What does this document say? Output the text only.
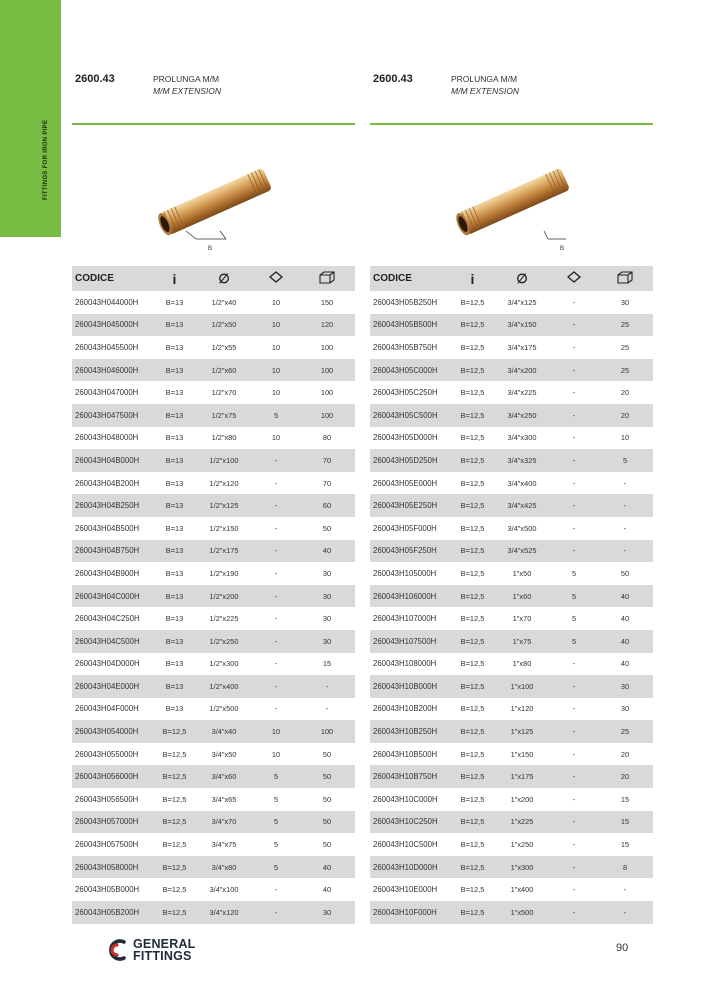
FITTINGS FOR IRON PIPE
2600.43	PROLUNGA M/M
M/M EXTENSION
B
CODICE	i	∅		
260043H044000H	B=13	1/2"x40	10	150
260043H045000H	B=13	1/2"x50	10	120
260043H045500H	B=13	1/2"x55	10	100
260043H046000H	B=13	1/2"x60	10	100
260043H047000H	B=13	1/2"x70	10	100
260043H047500H	B=13	1/2"x75	5	100
260043H048000H	B=13	1/2"x80	10	80
260043H04B000H	B=13	1/2"x100	-	70
260043H04B200H	B=13	1/2"x120	-	70
260043H04B250H	B=13	1/2"x125	-	60
260043H04B500H	B=13	1/2"x150	-	50
260043H04B750H	B=13	1/2"x175	-	40
260043H04B900H	B=13	1/2"x190	-	30
260043H04C000H	B=13	1/2"x200	-	30
260043H04C250H	B=13	1/2"x225	-	30
260043H04C500H	B=13	1/2"x250	-	30
260043H04D000H	B=13	1/2"x300	-	15
260043H04E000H	B=13	1/2"x400	-	-
260043H04F000H	B=13	1/2"x500	-	-
260043H054000H	B=12,5	3/4"x40	10	100
260043H055000H	B=12,5	3/4"x50	10	50
260043H056000H	B=12,5	3/4"x60	5	50
260043H056500H	B=12,5	3/4"x65	5	50
260043H057000H	B=12,5	3/4"x70	5	50
260043H057500H	B=12,5	3/4"x75	5	50
260043H058000H	B=12,5	3/4"x80	5	40
260043H05B000H	B=12,5	3/4"x100	-	40
260043H05B200H	B=12,5	3/4"x120	-	30
2600.43	PROLUNGA M/M
M/M EXTENSION
B
CODICE	i	∅		
260043H05B250H	B=12,5	3/4"x125	-	30
260043H05B500H	B=12,5	3/4"x150	-	25
260043H05B750H	B=12,5	3/4"x175	-	25
260043H05C000H	B=12,5	3/4"x200	-	25
260043H05C250H	B=12,5	3/4"x225	-	20
260043H05C500H	B=12,5	3/4"x250	-	20
260043H05D000H	B=12,5	3/4"x300	-	10
260043H05D250H	B=12,5	3/4"x325	-	5
260043H05E000H	B=12,5	3/4"x400	-	-
260043H05E250H	B=12,5	3/4"x425	-	-
260043H05F000H	B=12,5	3/4"x500	-	-
260043H05F250H	B=12,5	3/4"x525	-	-
260043H105000H	B=12,5	1"x50	5	50
260043H106000H	B=12,5	1"x60	5	40
260043H107000H	B=12,5	1"x70	5	40
260043H107500H	B=12,5	1"x75	5	40
260043H108000H	B=12,5	1"x80	-	40
260043H10B000H	B=12,5	1"x100	-	30
260043H10B200H	B=12,5	1"x120	-	30
260043H10B250H	B=12,5	1"x125	-	25
260043H10B500H	B=12,5	1"x150	-	20
260043H10B750H	B=12,5	1"x175	-	20
260043H10C000H	B=12,5	1"x200	-	15
260043H10C250H	B=12,5	1"x225	-	15
260043H10C500H	B=12,5	1"x250	-	15
260043H10D000H	B=12,5	1"x300	-	8
260043H10E000H	B=12,5	1"x400	-	-
260043H10F000H	B=12,5	1"x500	-	-
GENERAL
FITTINGS
90
